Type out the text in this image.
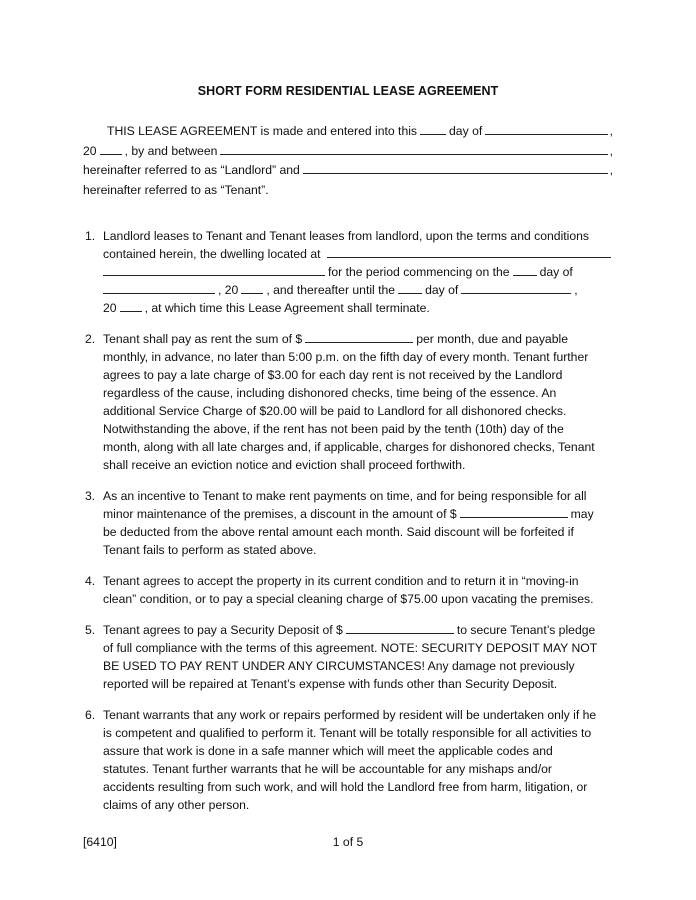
SHORT FORM RESIDENTIAL LEASE AGREEMENT
THIS LEASE AGREEMENT is made and entered into this	day of	,
20 , by and between	,
hereinafter referred to as “Landlord” and	,
hereinafter referred to as “Tenant”.
1. Landlord leases to Tenant and Tenant leases from landlord, upon the terms and conditions
contained herein, the dwelling located at
for the period commencing on the day of
, 20 , and thereafter until the day of	,
20 , at which time this Lease Agreement shall terminate.
2. Tenant shall pay as rent the sum of $	per month, due and payable
monthly, in advance, no later than 5:00 p.m. on the fifth day of every month. Tenant further
agrees to pay a late charge of $3.00 for each day rent is not received by the Landlord
regardless of the cause, including dishonored checks, time being of the essence. An
additional Service Charge of $20.00 will be paid to Landlord for all dishonored checks.
Notwithstanding the above, if the rent has not been paid by the tenth (10th) day of the
month, along with all late charges and, if applicable, charges for dishonored checks, Tenant
shall receive an eviction notice and eviction shall proceed forthwith.
3. As an incentive to Tenant to make rent payments on time, and for being responsible for all
minor maintenance of the premises, a discount in the amount of $	may
be deducted from the above rental amount each month. Said discount will be forfeited if
Tenant fails to perform as stated above.
4. Tenant agrees to accept the property in its current condition and to return it in “moving-in
clean” condition, or to pay a special cleaning charge of $75.00 upon vacating the premises.
5. Tenant agrees to pay a Security Deposit of $	to secure Tenant’s pledge
of full compliance with the terms of this agreement. NOTE: SECURITY DEPOSIT MAY NOT
BE USED TO PAY RENT UNDER ANY CIRCUMSTANCES! Any damage not previously
reported will be repaired at Tenant’s expense with funds other than Security Deposit.
6. Tenant warrants that any work or repairs performed by resident will be undertaken only if he
is competent and qualified to perform it. Tenant will be totally responsible for all activities to
assure that work is done in a safe manner which will meet the applicable codes and
statutes. Tenant further warrants that he will be accountable for any mishaps and/or
accidents resulting from such work, and will hold the Landlord free from harm, litigation, or
claims of any other person.
[6410]	1 of 5
